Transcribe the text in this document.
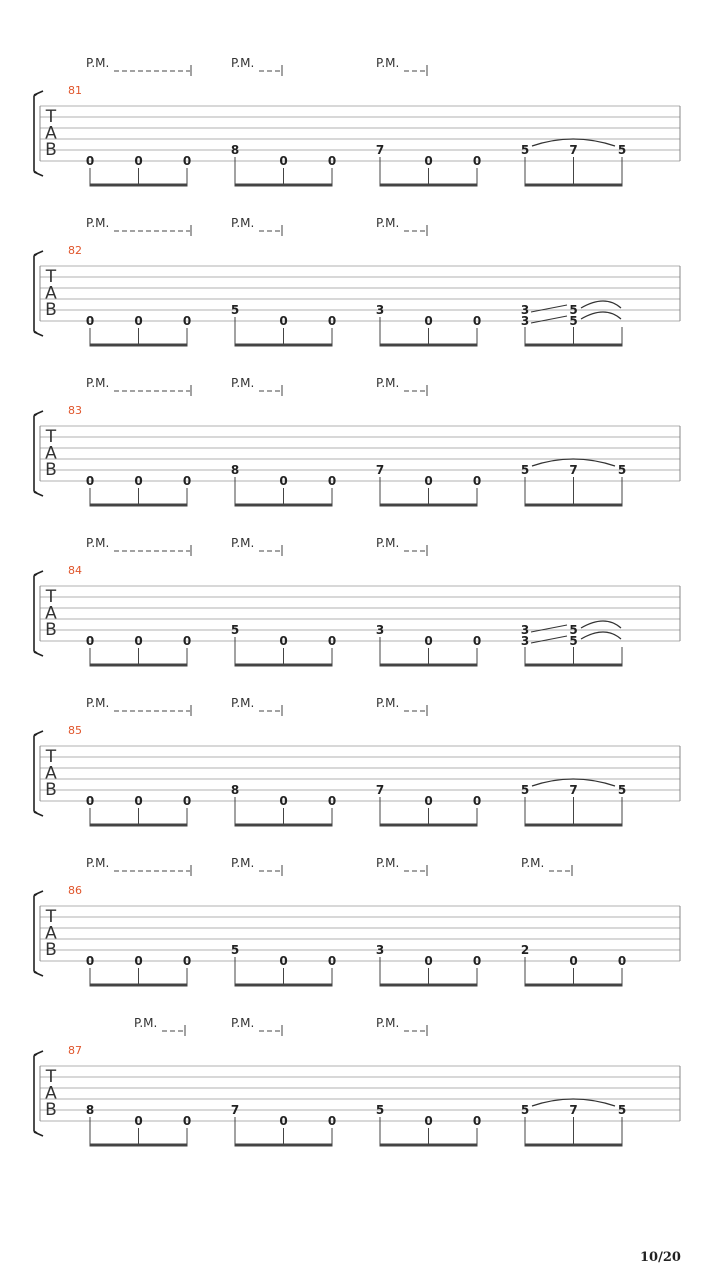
T
A
B
81
P.M.	P.M.	P.M.
0	0	0
8
0	0
7
0	0
5	7	5
T
A
B
82
P.M.	P.M.	P.M.
0	0	0
5
0	0
3
0	0
3
3
5
5
T
A
B
83
P.M.	P.M.	P.M.
0	0	0
8
0	0
7
0	0
5	7	5
T
A
B
84
P.M.	P.M.	P.M.
0	0	0
5
0	0
3
0	0
3
3
5
5
T
A
B
85
P.M.	P.M.	P.M.
0	0	0
8
0	0
7
0	0
5	7	5
T
A
B
86
P.M.	P.M.	P.M.	P.M.
0	0	0
5
0	0
3
0	0
2
0	0
T
A
B
87
P.M.	P.M.	P.M.
8
0	0
7
0	0
5
0	0
5	7	5
10/20
